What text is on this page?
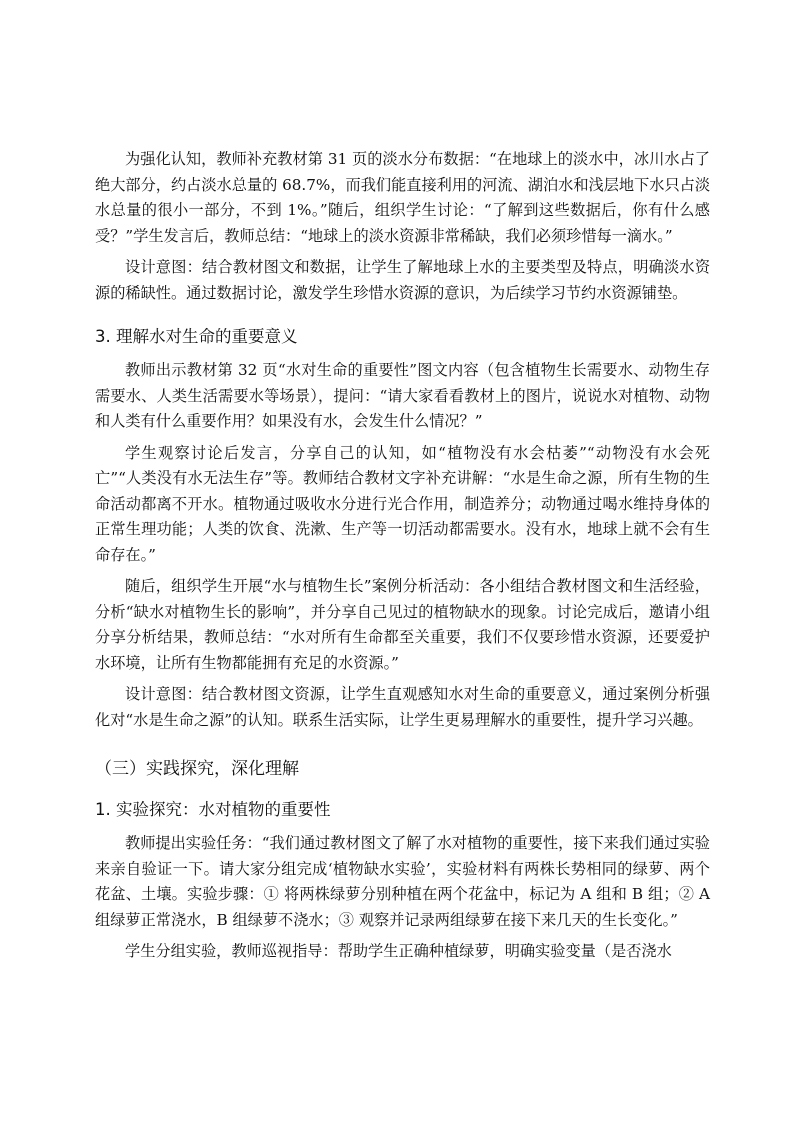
为强化认知，教师补充教材第 31 页的淡水分布数据：“在地球上的淡水中，冰川水占了绝大部分，约占淡水总量的 68.7%，而我们能直接利用的河流、湖泊水和浅层地下水只占淡水总量的很小一部分，不到 1%。”随后，组织学生讨论：“了解到这些数据后，你有什么感受？”学生发言后，教师总结：“地球上的淡水资源非常稀缺，我们必须珍惜每一滴水。”

设计意图：结合教材图文和数据，让学生了解地球上水的主要类型及特点，明确淡水资源的稀缺性。通过数据讨论，激发学生珍惜水资源的意识，为后续学习节约水资源铺垫。

3. 理解水对生命的重要意义

教师出示教材第 32 页“水对生命的重要性”图文内容（包含植物生长需要水、动物生存需要水、人类生活需要水等场景），提问：“请大家看看教材上的图片，说说水对植物、动物和人类有什么重要作用？如果没有水，会发生什么情况？”

学生观察讨论后发言，分享自己的认知，如“植物没有水会枯萎”“动物没有水会死亡”“人类没有水无法生存”等。教师结合教材文字补充讲解：“水是生命之源，所有生物的生命活动都离不开水。植物通过吸收水分进行光合作用，制造养分；动物通过喝水维持身体的正常生理功能；人类的饮食、洗漱、生产等一切活动都需要水。没有水，地球上就不会有生命存在。”

随后，组织学生开展“水与植物生长”案例分析活动：各小组结合教材图文和生活经验，分析“缺水对植物生长的影响”，并分享自己见过的植物缺水的现象。讨论完成后，邀请小组分享分析结果，教师总结：“水对所有生命都至关重要，我们不仅要珍惜水资源，还要爱护水环境，让所有生物都能拥有充足的水资源。”

设计意图：结合教材图文资源，让学生直观感知水对生命的重要意义，通过案例分析强化对“水是生命之源”的认知。联系生活实际，让学生更易理解水的重要性，提升学习兴趣。

（三）实践探究，深化理解
1. 实验探究：水对植物的重要性

教师提出实验任务：“我们通过教材图文了解了水对植物的重要性，接下来我们通过实验来亲自验证一下。请大家分组完成‘植物缺水实验’，实验材料有两株长势相同的绿萝、两个花盆、土壤。实验步骤：① 将两株绿萝分别种植在两个花盆中，标记为 A 组和 B 组；② A 组绿萝正常浇水，B 组绿萝不浇水；③ 观察并记录两组绿萝在接下来几天的生长变化。”

学生分组实验，教师巡视指导：帮助学生正确种植绿萝，明确实验变量（是否浇水
